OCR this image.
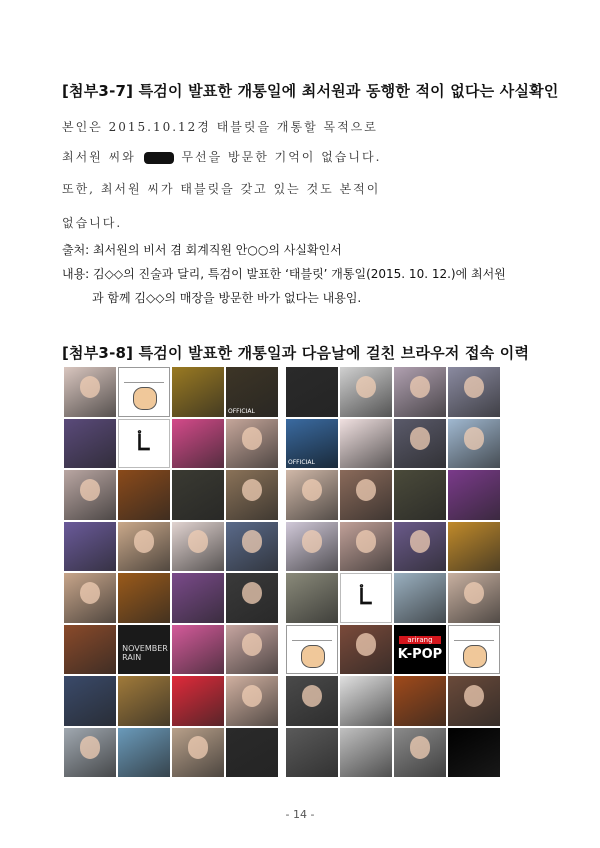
[첨부3-7] 특검이 발표한 개통일에 최서원과 동행한 적이 없다는 사실확인
본인은 2015.10.12경 태블릿을 개통할 목적으로
최서원 씨와	무선을 방문한 기억이 없습니다.
또한, 최서원 씨가 태블릿을 갖고 있는 것도 본적이
없습니다.
출처: 최서원의 비서 겸 회계직원 안○○의 사실확인서
내용: 김◇◇의 진술과 달리, 특검이 발표한 ‘태블릿’ 개통일(2015. 10. 12.)에 최서원
과 함께 김◇◇의 매장을 방문한 바가 없다는 내용임.
[첨부3-8] 특검이 발표한 개통일과 다음날에 걸친 브라우저 접속 이력
OFFICIAL
ᢺ
NOVEMBER RAIN
OFFICIAL
ᢺ
arirang
K-POP
- 14 -
